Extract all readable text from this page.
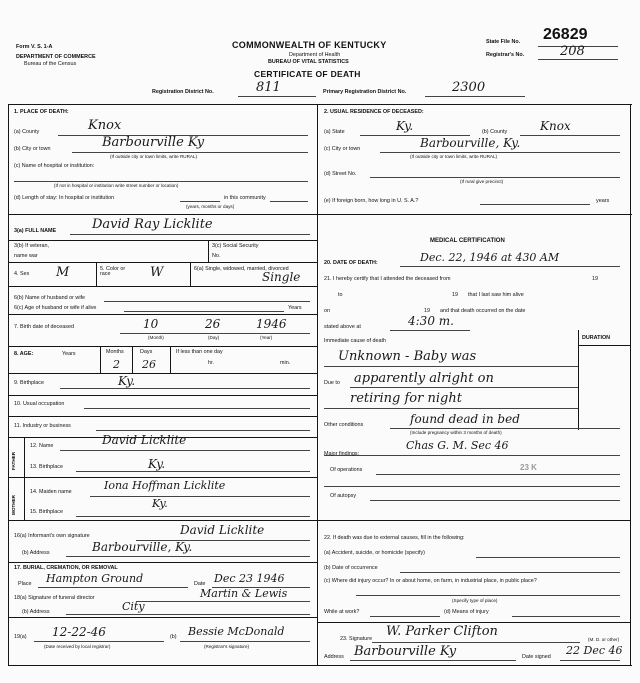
Form V. S. 1-A
DEPARTMENT OF COMMERCE
Bureau of the Census
COMMONWEALTH OF KENTUCKY
Department of Health
BUREAU OF VITAL STATISTICS
CERTIFICATE OF DEATH
State File No. 26829
Registrar's No.	208
Registration District No.	811	Primary Registration District No.	2300
1. PLACE OF DEATH:
(a) County	Knox
(b) City or town	Barbourville Ky
(If outside city or town limits, write RURAL)
(c) Name of hospital or institution:
(If not in hospital or institution write street number or location)
(d) Length of stay: In hospital or institution	in this community
(years, months or days)
2. USUAL RESIDENCE OF DECEASED:
(a) State	Ky.	(b) County	Knox
(c) City or town	Barbourville, Ky.
(If outside city or town limits, write RURAL)
(d) Street No.
(If rural give precinct)
(e) If foreign born, how long in U. S. A.?	years
3(a) FULL NAME	David Ray Licklite
3(b) If veteran,
name war
3(c) Social Security
No.
4. Sex M	5. Color or race	W	6(a) Single, widowed, married, divorced
Single
6(b) Name of husband or wife
6(c) Age of husband or wife if alive	Years
7. Birth date of deceased	10	26	1946
(Month)	(Day)	(Year)
8. AGE:	Years	Months
2
Days
26
If less than one day
hr.	min.
9. Birthplace	Ky.
10. Usual occupation
11. Industry or business
FATHER
MOTHER
12. Name	David Licklite
13. Birthplace	Ky.
14. Maiden name	Iona Hoffman Licklite
15. Birthplace
Ky.
16(a) Informant's own signature	David Licklite
(b) Address	Barbourville, Ky.
17. BURIAL, CREMATION, OR REMOVAL
Place Hampton Ground	Date Dec 23 1946
18(a) Signature of funeral director	Martin & Lewis
(b) Address	City
19(a) 12-22-46
(Date received by local registrar)
(b) Bessie McDonald
(Registrar's signature)
MEDICAL CERTIFICATION
20. DATE OF DEATH:	Dec. 22, 1946 at 430 AM
21. I hereby certify that I attended the deceased from	19
to	19 that I last saw him alive
on	19 and that death occurred on the date
stated above at	4:30 m.
Immediate cause of death	DURATION
Unknown - Baby was
Due to apparently alright on
retiring for night
Other conditions	found dead in bed
(Include pregnancy within 3 months of death)
Chas G. M. Sec 46
Major findings:
Of operations	23 K
Of autopsy
22. If death was due to external causes, fill in the following:
(a) Accident, suicide, or homicide (specify)
(b) Date of occurrence
(c) Where did injury occur? In or about home, on farm, in industrial place, in public place?
(Specify type of place)
While at work?	(d) Means of injury
23. Signature W. Parker Clifton
(M. D. or other)
Address Barbourville Ky	Date signed 22 Dec 46
